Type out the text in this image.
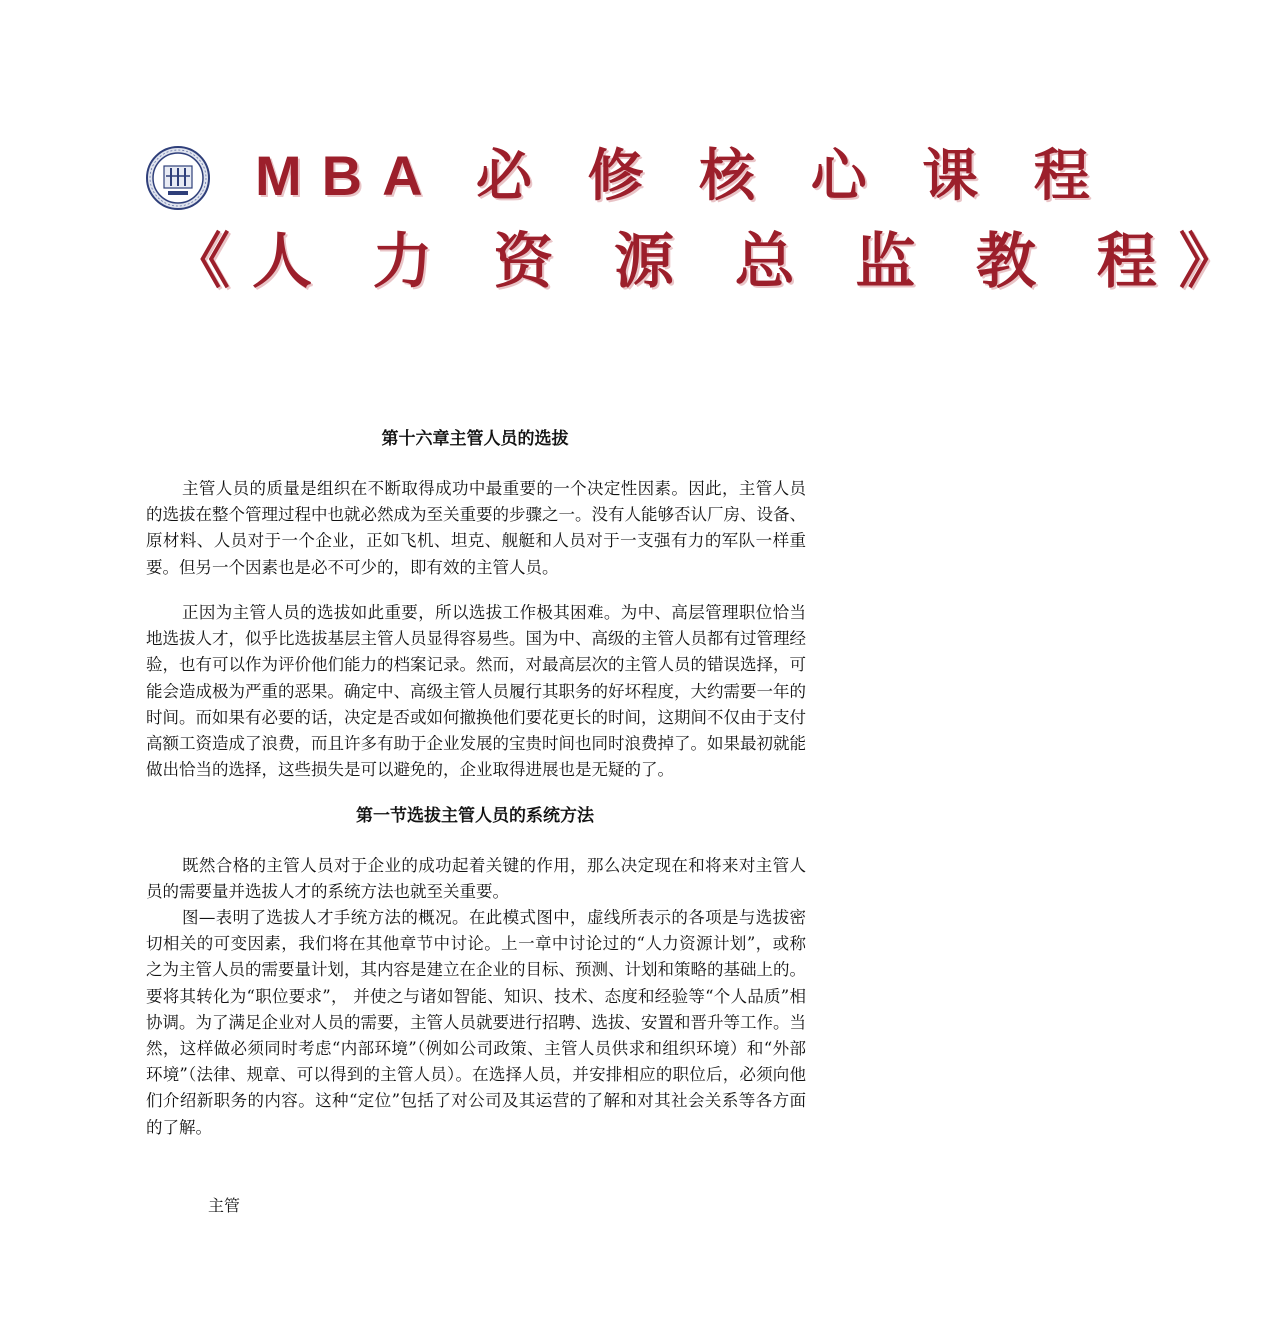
MBA 必 修 核 心 课 程
《人 力 资 源 总 监 教 程》
第十六章主管人员的选拔

主管人员的质量是组织在不断取得成功中最重要的一个决定性因素。因此，主管人员的选拔在整个管理过程中也就必然成为至关重要的步骤之一。没有人能够否认厂房、设备、原材料、人员对于一个企业，正如飞机、坦克、舰艇和人员对于一支强有力的军队一样重要。但另一个因素也是必不可少的，即有效的主管人员。

正因为主管人员的选拔如此重要，所以选拔工作极其困难。为中、高层管理职位恰当地选拔人才，似乎比选拔基层主管人员显得容易些。国为中、高级的主管人员都有过管理经验，也有可以作为评价他们能力的档案记录。然而，对最高层次的主管人员的错误选择，可能会造成极为严重的恶果。确定中、高级主管人员履行其职务的好坏程度，大约需要一年的时间。而如果有必要的话，决定是否或如何撤换他们要花更长的时间，这期间不仅由于支付高额工资造成了浪费，而且许多有助于企业发展的宝贵时间也同时浪费掉了。如果最初就能做出恰当的选择，这些损失是可以避免的，企业取得进展也是无疑的了。

第一节选拔主管人员的系统方法

既然合格的主管人员对于企业的成功起着关键的作用，那么决定现在和将来对主管人员的需要量并选拔人才的系统方法也就至关重要。

图—表明了选拔人才手统方法的概况。在此模式图中，虚线所表示的各项是与选拔密切相关的可变因素，我们将在其他章节中讨论。上一章中讨论过的“人力资源计划”，或称之为主管人员的需要量计划，其内容是建立在企业的目标、预测、计划和策略的基础上的。要将其转化为“职位要求”， 并使之与诸如智能、知识、技术、态度和经验等“个人品质”相协调。为了满足企业对人员的需要，主管人员就要进行招聘、选拔、安置和晋升等工作。当然，这样做必须同时考虑“内部环境”（例如公司政策、主管人员供求和组织环境）和“外部环境”（法律、规章、可以得到的主管人员）。在选择人员，并安排相应的职位后，必须向他们介绍新职务的内容。这种“定位”包括了对公司及其运营的了解和对其社会关系等各方面的了解。

主管
